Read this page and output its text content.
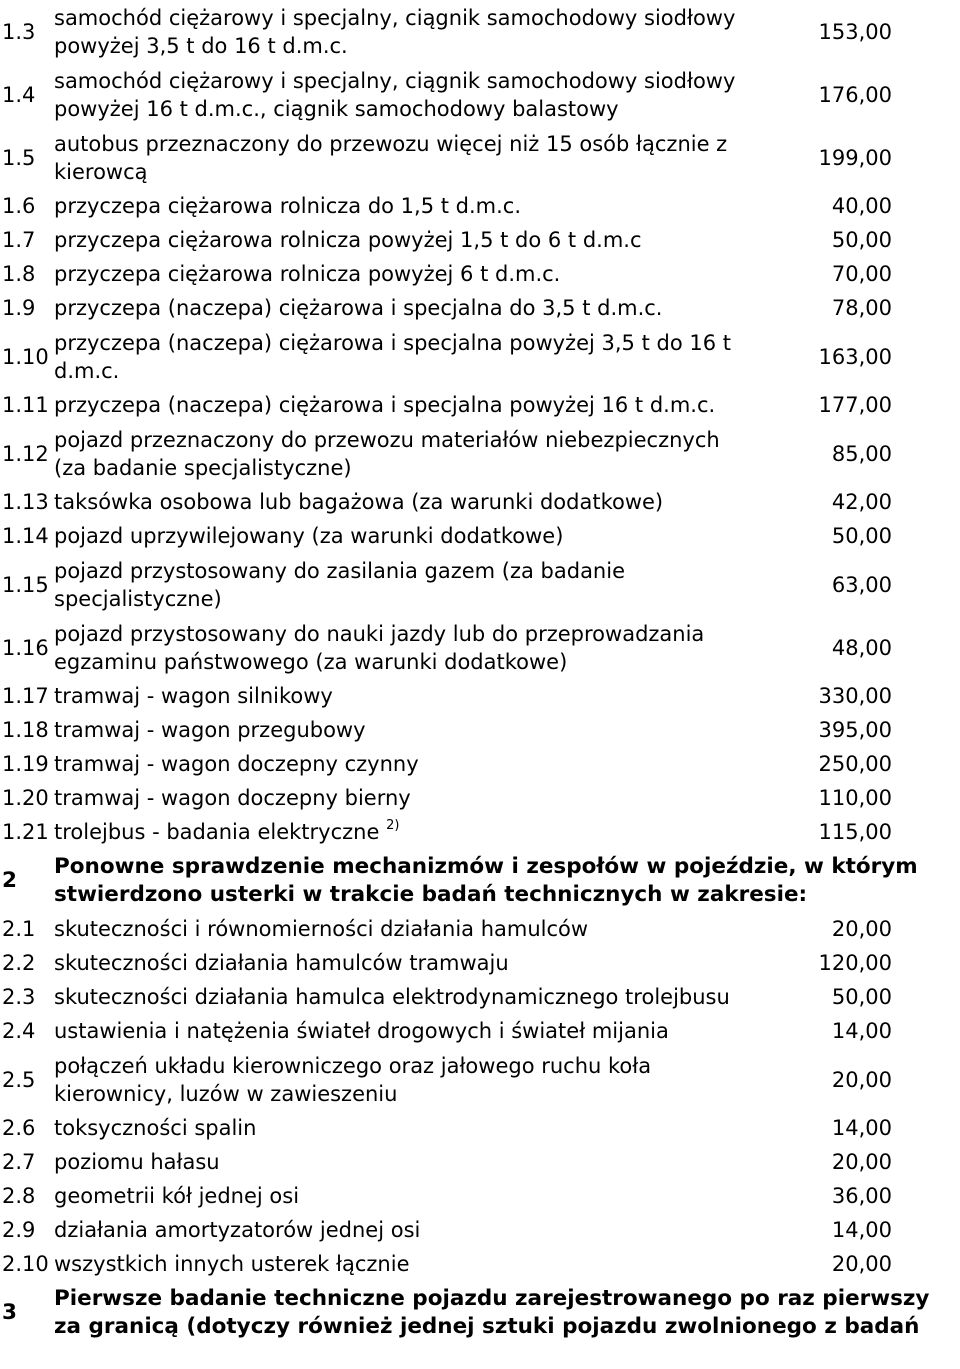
1.3	samochód ciężarowy i specjalny, ciągnik samochodowy siodłowy powyżej 3,5 t do 16 t d.m.c.	153,00
1.4	samochód ciężarowy i specjalny, ciągnik samochodowy siodłowy powyżej 16 t d.m.c., ciągnik samochodowy balastowy	176,00
1.5	autobus przeznaczony do przewozu więcej niż 15 osób łącznie z kierowcą	199,00
1.6	przyczepa ciężarowa rolnicza do 1,5 t d.m.c.	40,00
1.7	przyczepa ciężarowa rolnicza powyżej 1,5 t do 6 t d.m.c	50,00
1.8	przyczepa ciężarowa rolnicza powyżej 6 t d.m.c.	70,00
1.9	przyczepa (naczepa) ciężarowa i specjalna do 3,5 t d.m.c.	78,00
1.10	przyczepa (naczepa) ciężarowa i specjalna powyżej 3,5 t do 16 t d.m.c.	163,00
1.11	przyczepa (naczepa) ciężarowa i specjalna powyżej 16 t d.m.c.	177,00
1.12	pojazd przeznaczony do przewozu materiałów niebezpiecznych (za badanie specjalistyczne)	85,00
1.13	taksówka osobowa lub bagażowa (za warunki dodatkowe)	42,00
1.14	pojazd uprzywilejowany (za warunki dodatkowe)	50,00
1.15	pojazd przystosowany do zasilania gazem (za badanie specjalistyczne)	63,00
1.16	pojazd przystosowany do nauki jazdy lub do przeprowadzania egzaminu państwowego (za warunki dodatkowe)	48,00
1.17	tramwaj - wagon silnikowy	330,00
1.18	tramwaj - wagon przegubowy	395,00
1.19	tramwaj - wagon doczepny czynny	250,00
1.20	tramwaj - wagon doczepny bierny	110,00
1.21	trolejbus - badania elektryczne $^{2)}$	115,00
2	Ponowne sprawdzenie mechanizmów i zespołów w pojeździe, w którym stwierdzono usterki w trakcie badań technicznych w zakresie:	
2.1	skuteczności i równomierności działania hamulców	20,00
2.2	skuteczności działania hamulców tramwaju	120,00
2.3	skuteczności działania hamulca elektrodynamicznego trolejbusu	50,00
2.4	ustawienia i natężenia świateł drogowych i świateł mijania	14,00
2.5	połączeń układu kierowniczego oraz jałowego ruchu koła kierownicy, luzów w zawieszeniu	20,00
2.6	toksyczności spalin	14,00
2.7	poziomu hałasu	20,00
2.8	geometrii kół jednej osi	36,00
2.9	działania amortyzatorów jednej osi	14,00
2.10	wszystkich innych usterek łącznie	20,00
3	Pierwsze badanie techniczne pojazdu zarejestrowanego po raz pierwszy za granicą (dotyczy również jednej sztuki pojazdu zwolnionego z badań	
